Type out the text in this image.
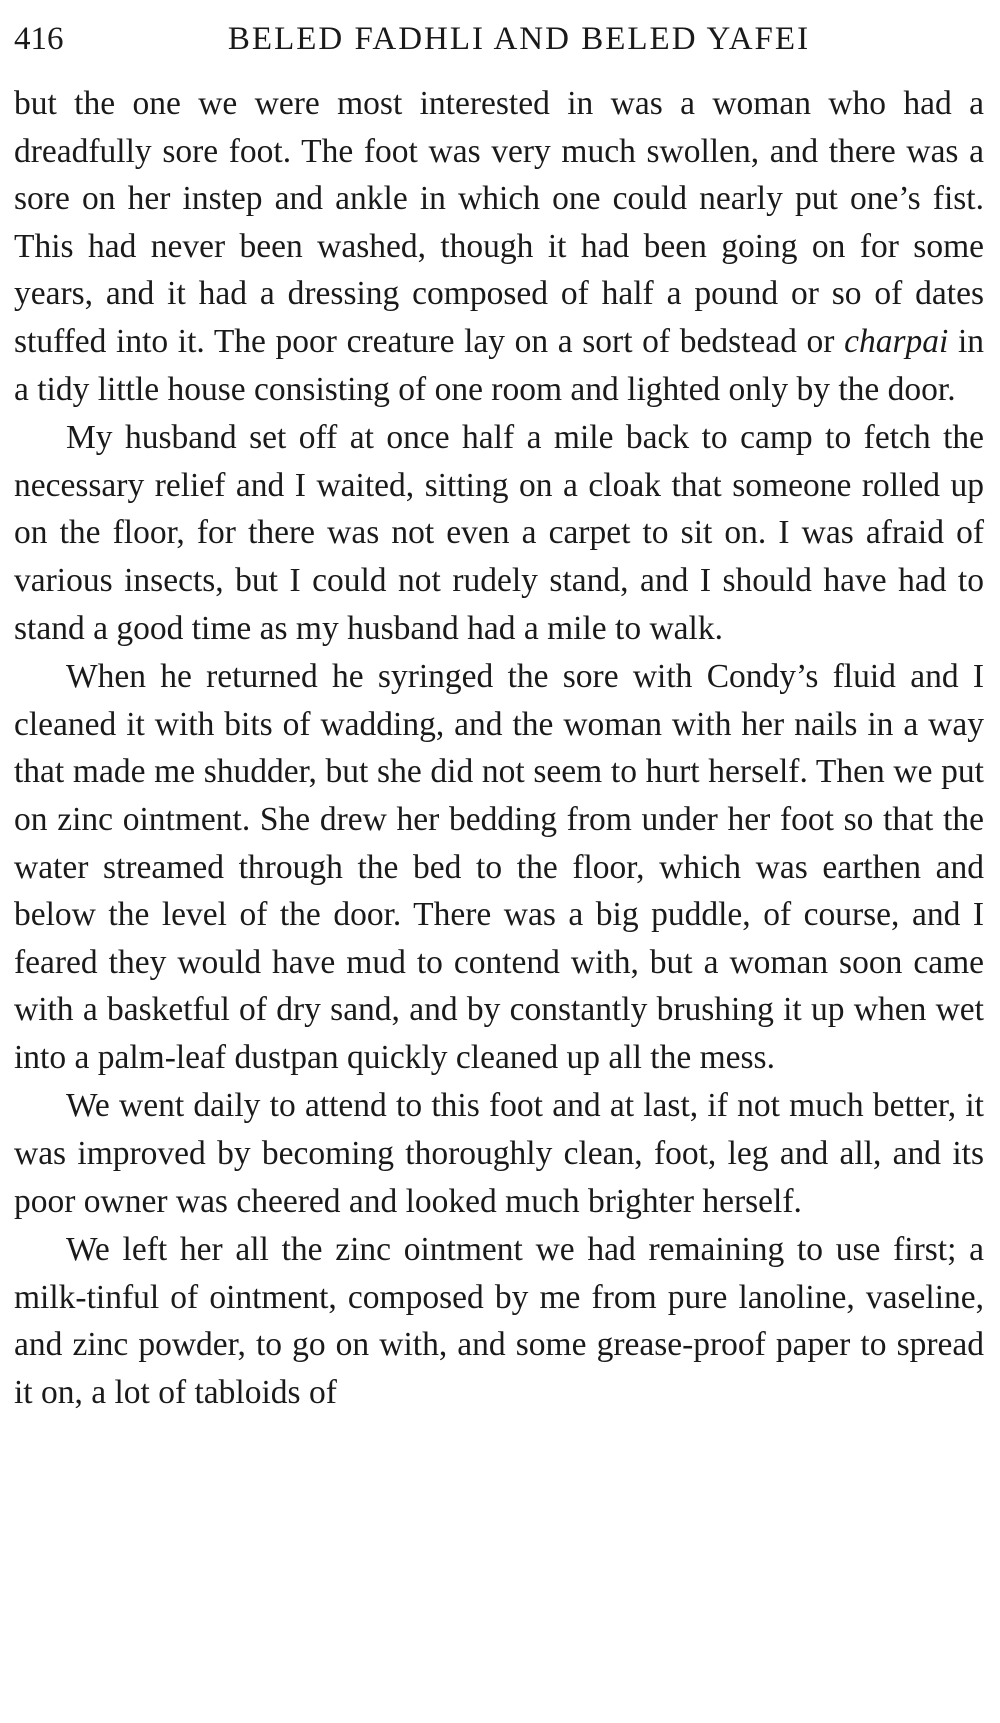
416	BELED FADHLI AND BELED YAFEI

but the one we were most interested in was a woman who had a dreadfully sore foot. The foot was very much swollen, and there was a sore on her instep and ankle in which one could nearly put one’s fist. This had never been washed, though it had been going on for some years, and it had a dressing composed of half a pound or so of dates stuffed into it. The poor creature lay on a sort of bedstead or charpai in a tidy little house consisting of one room and lighted only by the door.

My husband set off at once half a mile back to camp to fetch the necessary relief and I waited, sitting on a cloak that someone rolled up on the floor, for there was not even a carpet to sit on. I was afraid of various insects, but I could not rudely stand, and I should have had to stand a good time as my husband had a mile to walk.

When he returned he syringed the sore with Condy’s fluid and I cleaned it with bits of wadding, and the woman with her nails in a way that made me shudder, but she did not seem to hurt herself. Then we put on zinc ointment. She drew her bedding from under her foot so that the water streamed through the bed to the floor, which was earthen and below the level of the door. There was a big puddle, of course, and I feared they would have mud to contend with, but a woman soon came with a basketful of dry sand, and by constantly brushing it up when wet into a palm-leaf dustpan quickly cleaned up all the mess.

We went daily to attend to this foot and at last, if not much better, it was improved by becoming thoroughly clean, foot, leg and all, and its poor owner was cheered and looked much brighter herself.

We left her all the zinc ointment we had remaining to use first; a milk-tinful of ointment, composed by me from pure lanoline, vaseline, and zinc powder, to go on with, and some grease-proof paper to spread it on, a lot of tabloids of
